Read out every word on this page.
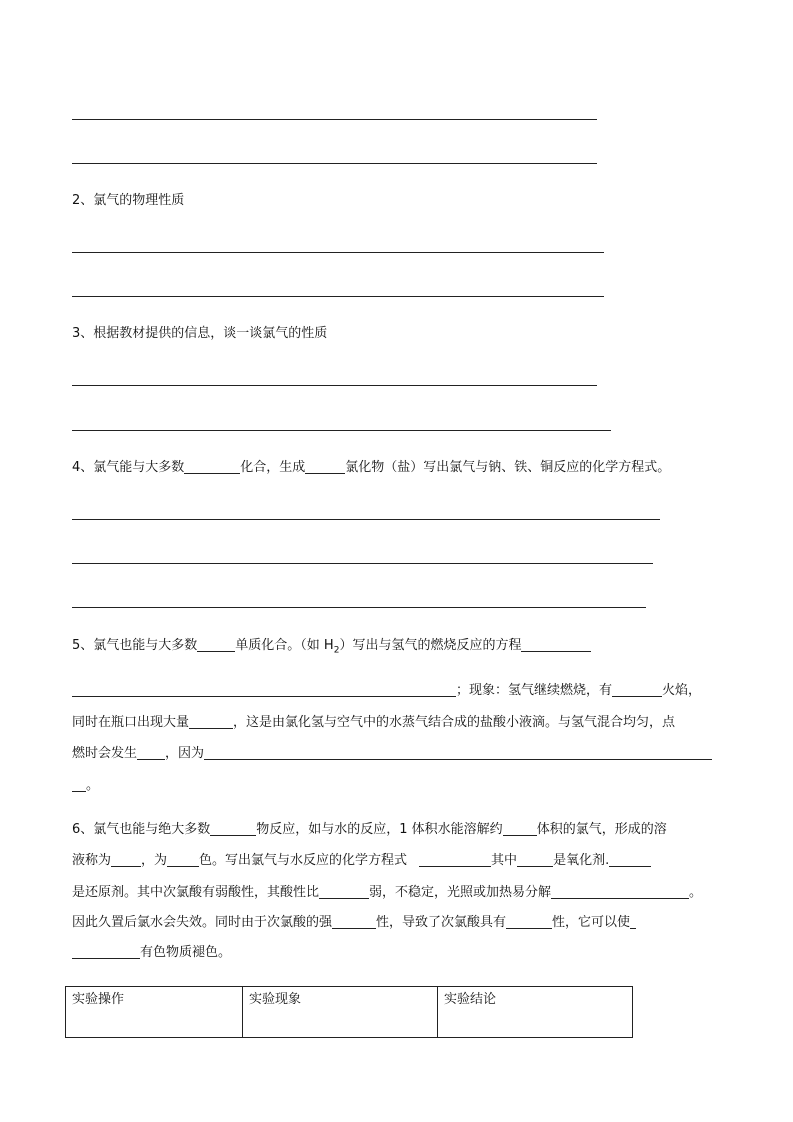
2、氯气的物理性质
3、根据教材提供的信息，谈一谈氯气的性质
4、氯气能与大多数	化合，生成	氯化物（盐）写出氯气与钠、铁、铜反应的化学方程式。
5、氯气也能与大多数	单质化合。（如 $H_2$）写出与氢气的燃烧反应的方程
；现象：氢气继续燃烧，有	火焰，
同时在瓶口出现大量	，这是由氯化氢与空气中的水蒸气结合成的盐酸小液滴。与氢气混合均匀，点
燃时会发生 ，因为
。
6、氯气也能与绝大多数	物反应，如与水的反应，1 体积水能溶解约	体积的氯气，形成的溶
液称为 ，为 色。写出氯气与水反应的化学方程式	其中	是氧化剂.
是还原剂。其中次氯酸有弱酸性，其酸性比	弱，不稳定，光照或加热易分解	。
因此久置后氯水会失效。同时由于次氯酸的强	性，导致了次氯酸具有	性，它可以使
有色物质褪色。
实验操作	实验现象	实验结论
